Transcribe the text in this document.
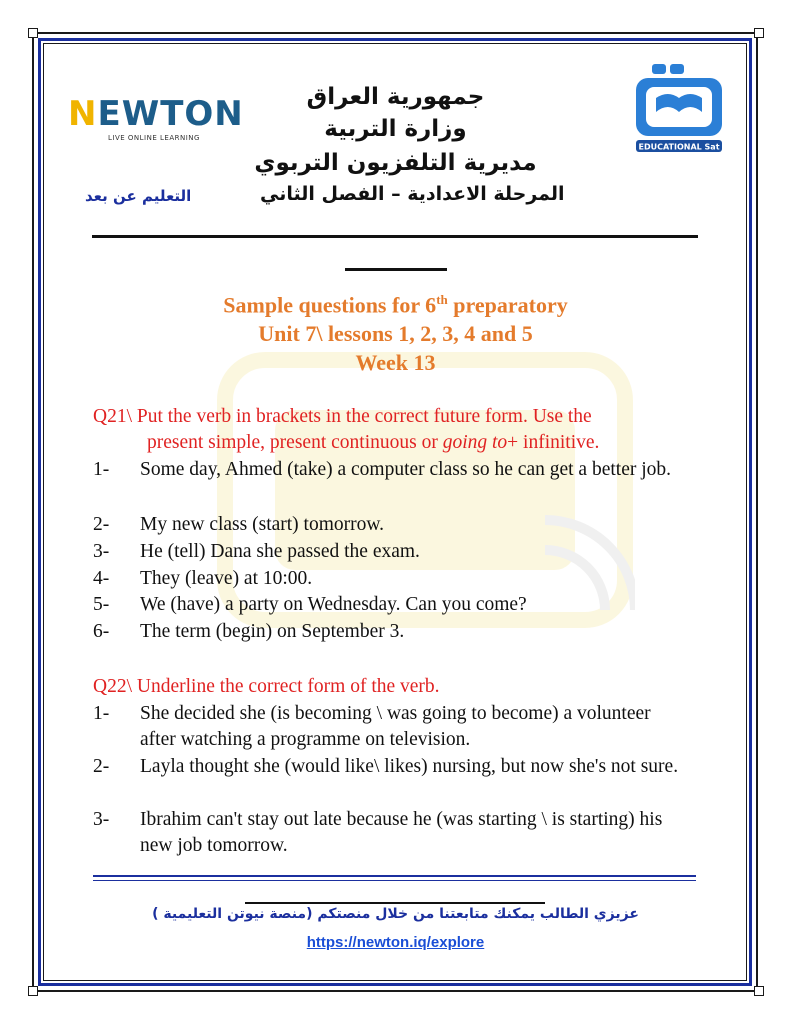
NEWTON
LIVE ONLINE LEARNING
EDUCATIONAL Sat
جمهورية العراق
وزارة التربية
مديرية التلفزيون التربوي
المرحلة الاعدادية – الفصل الثاني
التعليم عن بعد
Sample questions for 6th preparatory
Unit 7\ lessons 1, 2, 3, 4 and 5
Week 13
Q21\ Put the verb in brackets in the correct future form. Use the
present simple, present continuous or going to+ infinitive.
1- Some day, Ahmed (take) a computer class so he can get a better job.
2- My new class (start) tomorrow.
3- He (tell) Dana she passed the exam.
4- They (leave) at 10:00.
5- We (have) a party on Wednesday. Can you come?
6- The term (begin) on September 3.
Q22\ Underline the correct form of the verb.
1- She decided she (is becoming \ was going to become) a volunteer after watching a programme on television.
2- Layla thought she (would like\ likes) nursing, but now she's not sure.
3- Ibrahim can't stay out late because he (was starting \ is starting) his new job tomorrow.
عزيزي الطالب يمكنك متابعتنا من خلال منصتكم (منصة نيوتن التعليمية )
https://newton.iq/explore
